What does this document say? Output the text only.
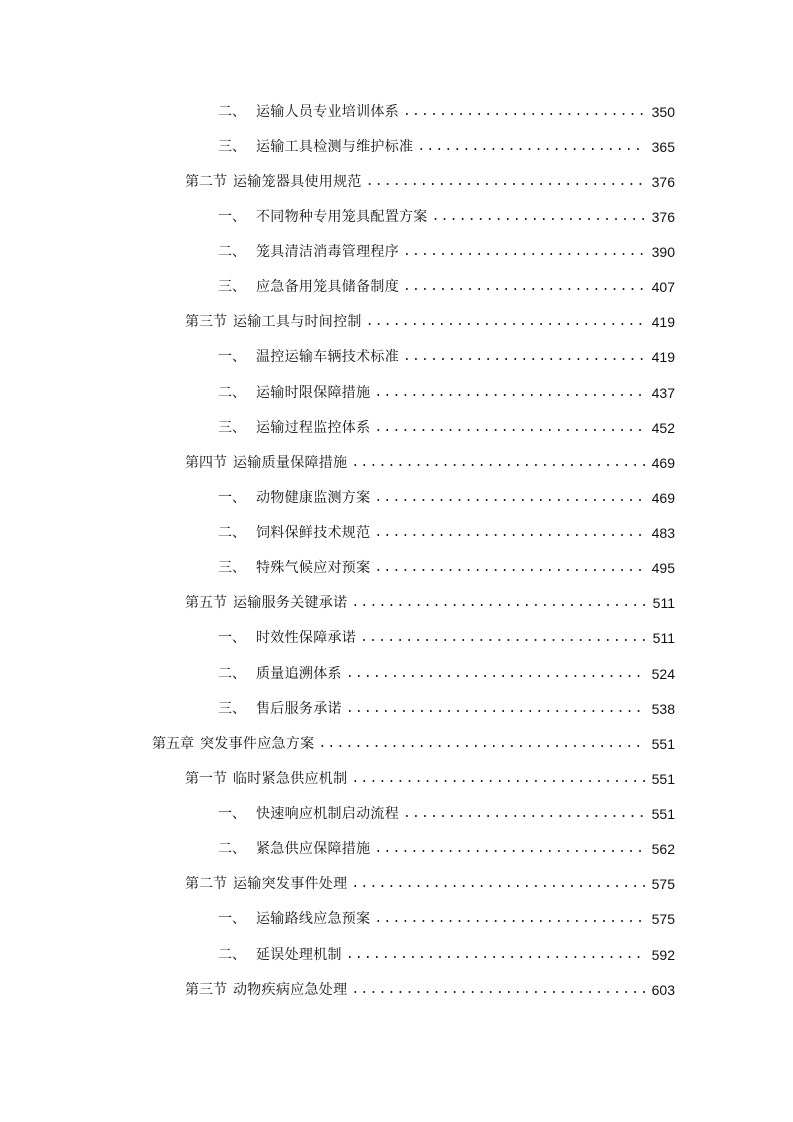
二、 运输人员专业培训体系 .....	350
三、 运输工具检测与维护标准 .....	365
第二节 运输笼器具使用规范 .....	376
一、 不同物种专用笼具配置方案 .....	376
二、 笼具清洁消毒管理程序 .....	390
三、 应急备用笼具储备制度 .....	407
第三节 运输工具与时间控制 .....	419
一、 温控运输车辆技术标准 .....	419
二、 运输时限保障措施 .....	437
三、 运输过程监控体系 .....	452
第四节 运输质量保障措施 .....	469
一、 动物健康监测方案 .....	469
二、 饲料保鲜技术规范 .....	483
三、 特殊气候应对预案 .....	495
第五节 运输服务关键承诺 .....	511
一、 时效性保障承诺 .....	511
二、 质量追溯体系 .....	524
三、 售后服务承诺 .....	538
第五章 突发事件应急方案 .....	551
第一节 临时紧急供应机制 .....	551
一、 快速响应机制启动流程 .....	551
二、 紧急供应保障措施 .....	562
第二节 运输突发事件处理 .....	575
一、 运输路线应急预案 .....	575
二、 延误处理机制 .....	592
第三节 动物疾病应急处理 .....	603
